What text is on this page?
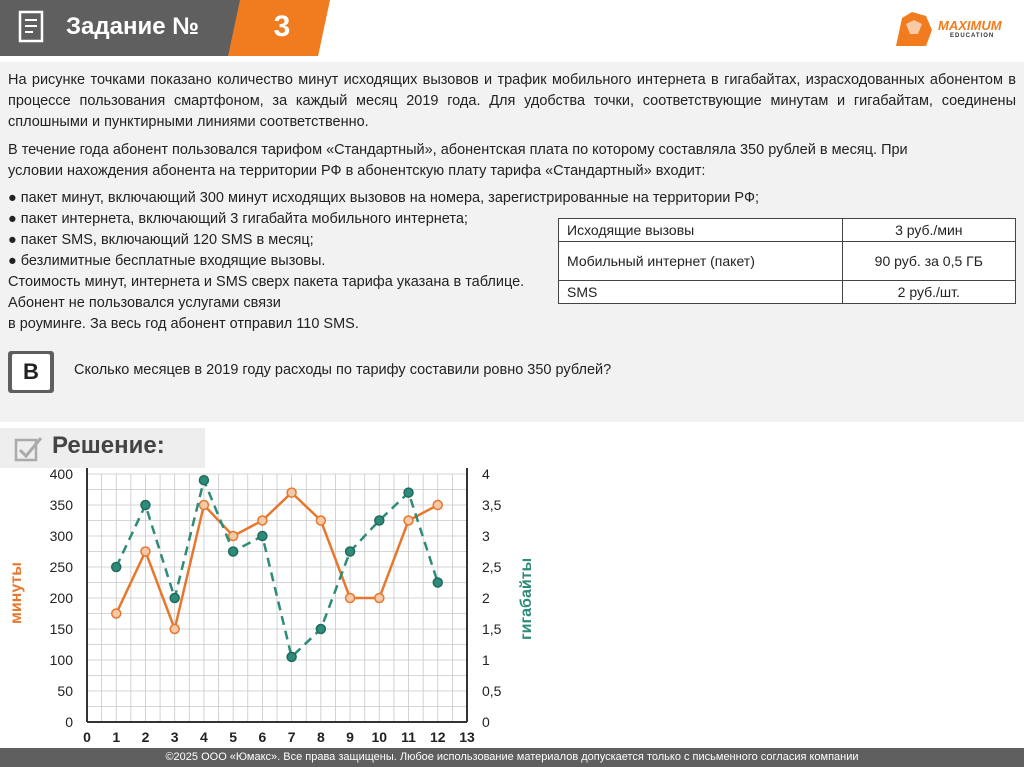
Задание №	3	MAXIMUM
EDUCATION
На рисунке точками показано количество минут исходящих вызовов и трафик мобильного интернета в гигабайтах, израсходованных абонентом в процессе пользования смартфоном, за каждый месяц 2019 года. Для удобства точки, соответствующие минутам и гигабайтам, соединены сплошными и пунктирными линиями соответственно.
В течение года абонент пользовался тарифом «Стандартный», абонентская плата по которому составляла 350 рублей в месяц. При
условии нахождения абонента на территории РФ в абонентскую плату тарифа «Стандартный» входит:
● пакет минут, включающий 300 минут исходящих вызовов на номера, зарегистрированные на территории РФ;
● пакет интернета, включающий 3 гигабайта мобильного интернета;
● пакет SMS, включающий 120 SMS в месяц;
● безлимитные бесплатные входящие вызовы.
Стоимость минут, интернета и SMS сверх пакета тарифа указана в таблице.
Абонент не пользовался услугами связи
в роуминге. За весь год абонент отправил 110 SMS.
Исходящие вызовы	3 руб./мин
Мобильный интернет (пакет)	90 руб. за 0,5 ГБ
SMS	2 руб./шт.
В	Сколько месяцев в 2019 году расходы по тарифу составили ровно 350 рублей?
Решение:
0 1 2 3 4 5 6 7 8 9 10 11 12 13
0
50
100
150
200
250
300
350
400
0
0,5
1
1,5
2
2,5
3
3,5
4
минуты	гигабайты
©2025 ООО «Юмакс». Все права защищены. Любое использование материалов допускается только с письменного согласия компании
